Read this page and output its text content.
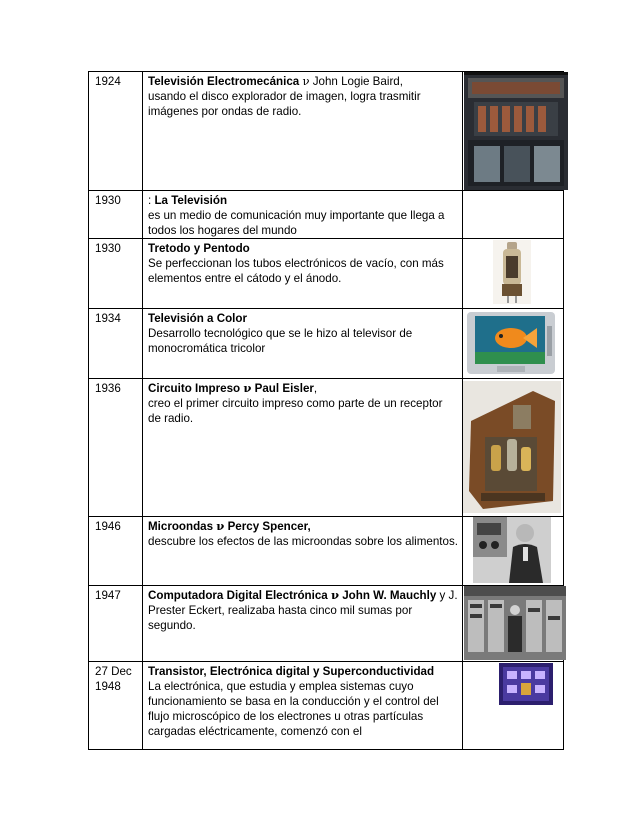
1924	Televisión Electromecánica ν John Logie Baird,
usando el disco explorador de imagen, logra trasmitir imágenes por ondas de radio.	

1930	: La Televisión
es un medio de comunicación muy importante que llega a todos los hogares del mundo	
1930	Tretodo y Pentodo
Se perfeccionan los tubos electrónicos de vacío, con más elementos entre el cátodo y el ánodo.	

1934	Televisión a Color
Desarrollo tecnológico que se le hizo al televisor de monocromática tricolor	

1936	Circuito Impreso ν Paul Eisler,
creo el primer circuito impreso como parte de un receptor de radio.	

1946	Microondas ν Percy Spencer,
descubre los efectos de las microondas sobre los alimentos.	

1947	Computadora Digital Electrónica ν John W. Mauchly y J. Prester Eckert, realizaba hasta cinco mil sumas por segundo.	

27 Dec 1948	Transistor, Electrónica digital y Superconductividad
La electrónica, que estudia y emplea sistemas cuyo funcionamiento se basa en la conducción y el control del flujo microscópico de los electrones u otras partículas cargadas eléctricamente, comenzó con el	
